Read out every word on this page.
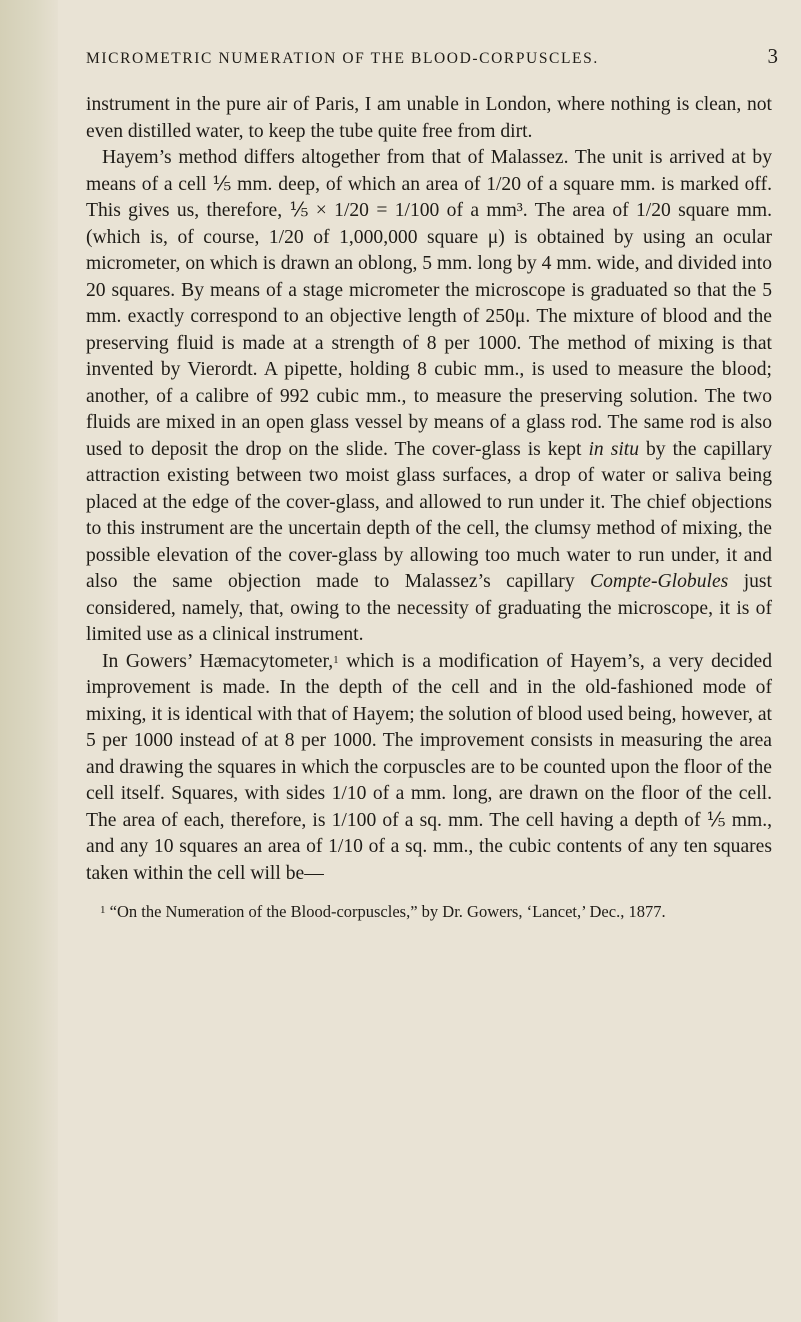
MICROMETRIC NUMERATION OF THE BLOOD-CORPUSCLES.	3

instrument in the pure air of Paris, I am unable in London, where nothing is clean, not even distilled water, to keep the tube quite free from dirt.

Hayem’s method differs altogether from that of Malassez. The unit is arrived at by means of a cell ⅕ mm. deep, of which an area of 1/20 of a square mm. is marked off. This gives us, therefore, ⅕ × 1/20 = 1/100 of a mm³. The area of 1/20 square mm. (which is, of course, 1/20 of 1,000,000 square μ) is obtained by using an ocular micrometer, on which is drawn an oblong, 5 mm. long by 4 mm. wide, and divided into 20 squares. By means of a stage micrometer the microscope is graduated so that the 5 mm. exactly correspond to an objective length of 250μ. The mixture of blood and the preserving fluid is made at a strength of 8 per 1000. The method of mixing is that invented by Vierordt. A pipette, holding 8 cubic mm., is used to measure the blood; another, of a calibre of 992 cubic mm., to measure the preserving solution. The two fluids are mixed in an open glass vessel by means of a glass rod. The same rod is also used to deposit the drop on the slide. The cover-glass is kept in situ by the capillary attraction existing between two moist glass surfaces, a drop of water or saliva being placed at the edge of the cover-glass, and allowed to run under it. The chief objections to this instrument are the uncertain depth of the cell, the clumsy method of mixing, the possible elevation of the cover-glass by allowing too much water to run under, it and also the same objection made to Malassez’s capillary Compte-Globules just considered, namely, that, owing to the necessity of graduating the microscope, it is of limited use as a clinical instrument.

In Gowers’ Hæmacytometer,$^1$ which is a modification of Hayem’s, a very decided improvement is made. In the depth of the cell and in the old-fashioned mode of mixing, it is identical with that of Hayem; the solution of blood used being, however, at 5 per 1000 instead of at 8 per 1000. The improvement consists in measuring the area and drawing the squares in which the corpuscles are to be counted upon the floor of the cell itself. Squares, with sides 1/10 of a mm. long, are drawn on the floor of the cell. The area of each, therefore, is 1/100 of a sq. mm. The cell having a depth of ⅕ mm., and any 10 squares an area of 1/10 of a sq. mm., the cubic contents of any ten squares taken within the cell will be—

$^1$ “On the Numeration of the Blood-corpuscles,” by Dr. Gowers, ‘Lancet,’ Dec., 1877.
